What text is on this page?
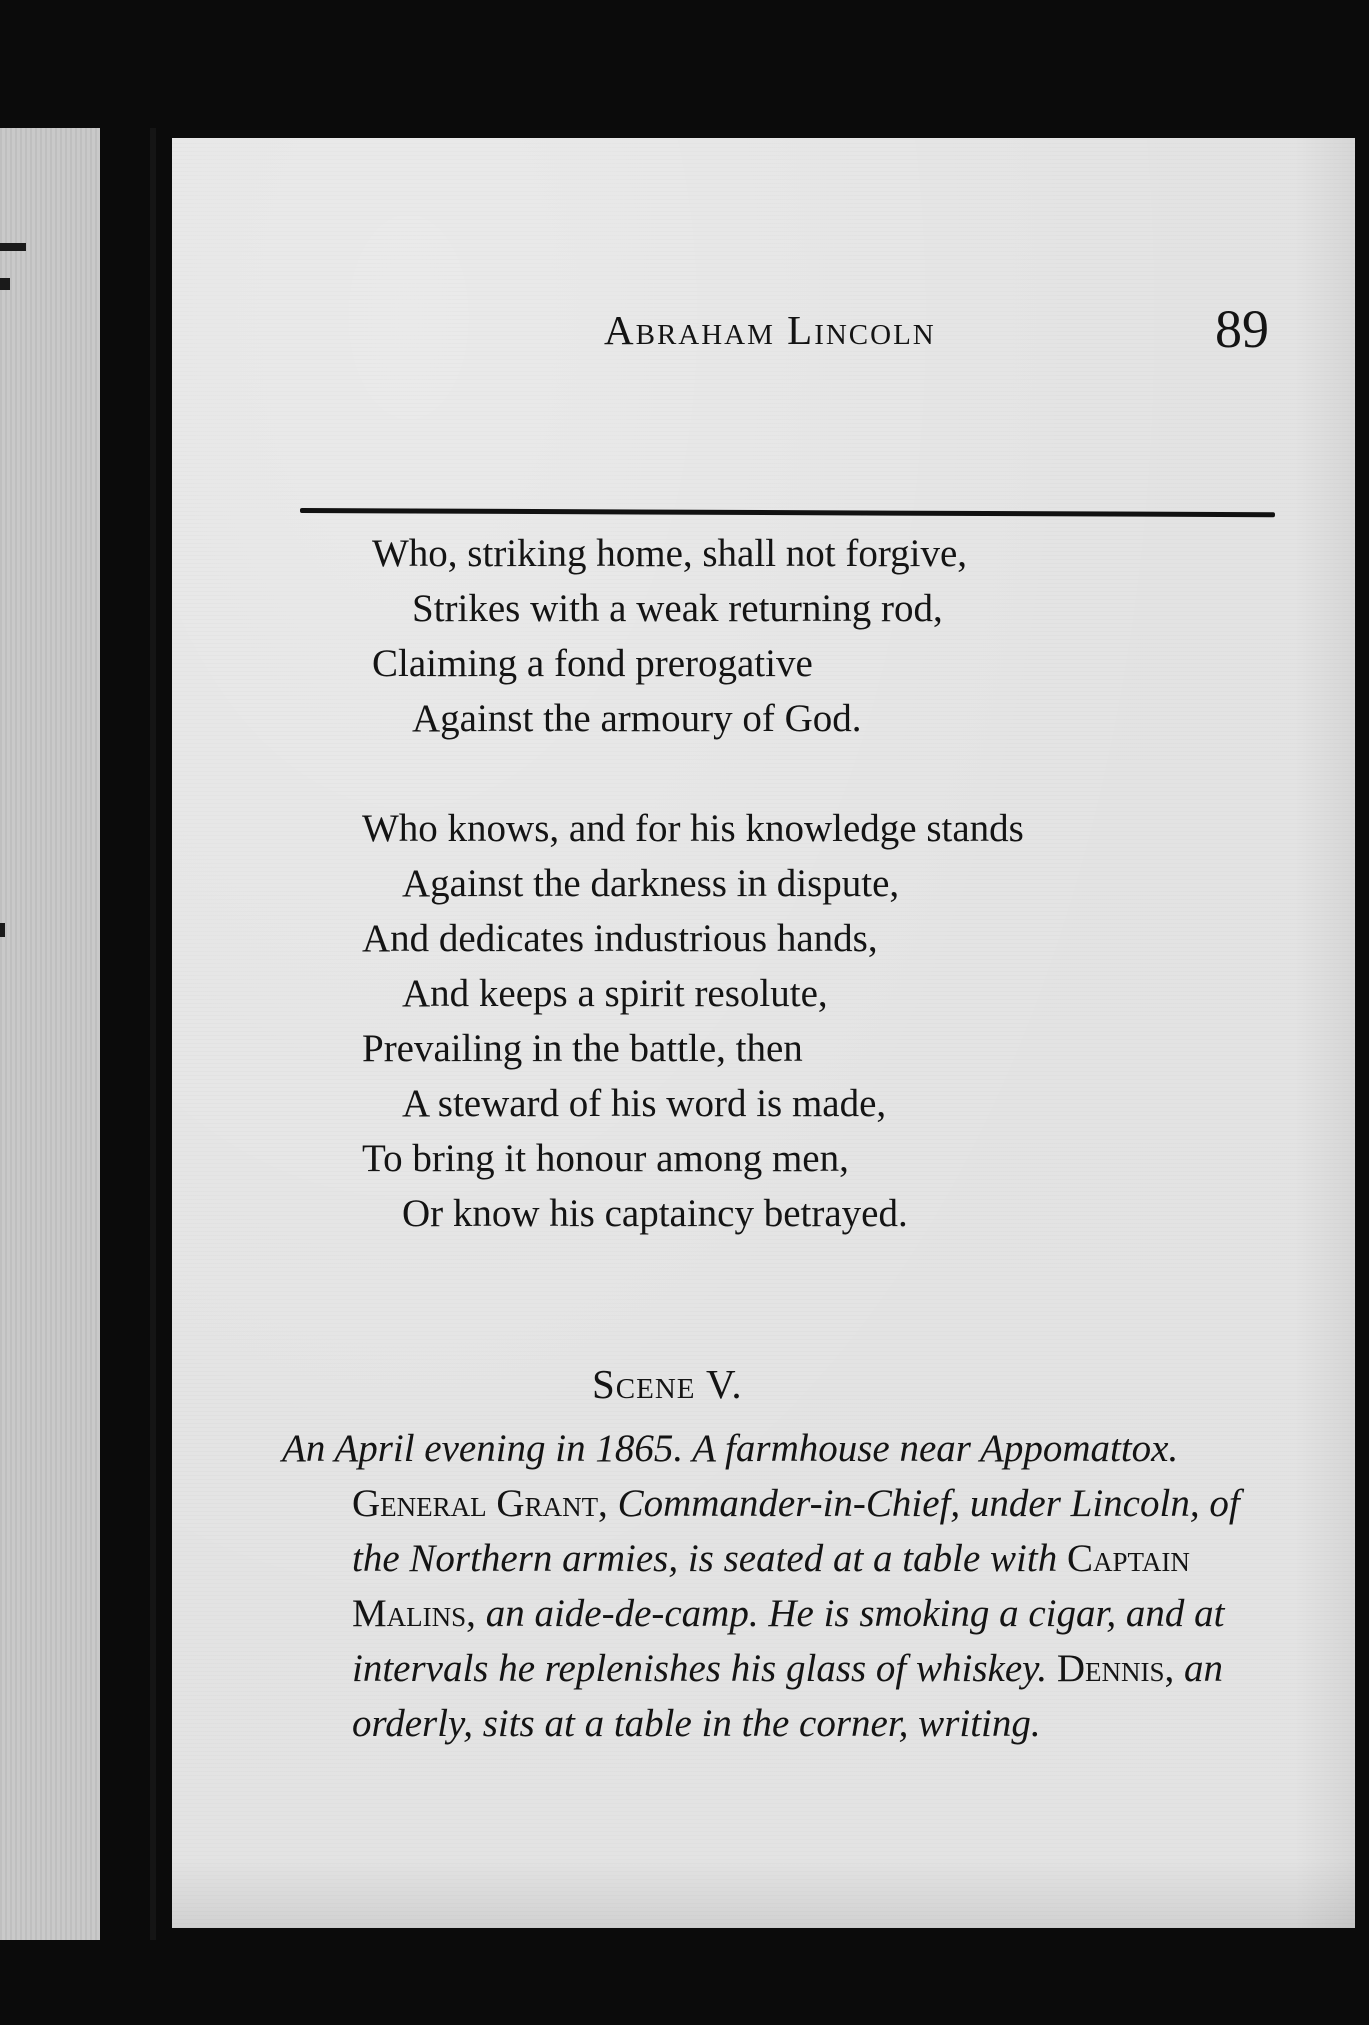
Abraham Lincoln	89
Who, striking home, shall not forgive,
Strikes with a weak returning rod,
Claiming a fond prerogative
Against the armoury of God.
Who knows, and for his knowledge stands
Against the darkness in dispute,
And dedicates industrious hands,
And keeps a spirit resolute,
Prevailing in the battle, then
A steward of his word is made,
To bring it honour among men,
Or know his captaincy betrayed.
Scene V.
An April evening in 1865. A farmhouse near Appomattox. General Grant, Commander-in-Chief, under Lincoln, of the Northern armies, is seated at a table with Captain Malins, an aide-de-camp. He is smoking a cigar, and at intervals he replenishes his glass of whiskey. Dennis, an orderly, sits at a table in the corner, writing.
